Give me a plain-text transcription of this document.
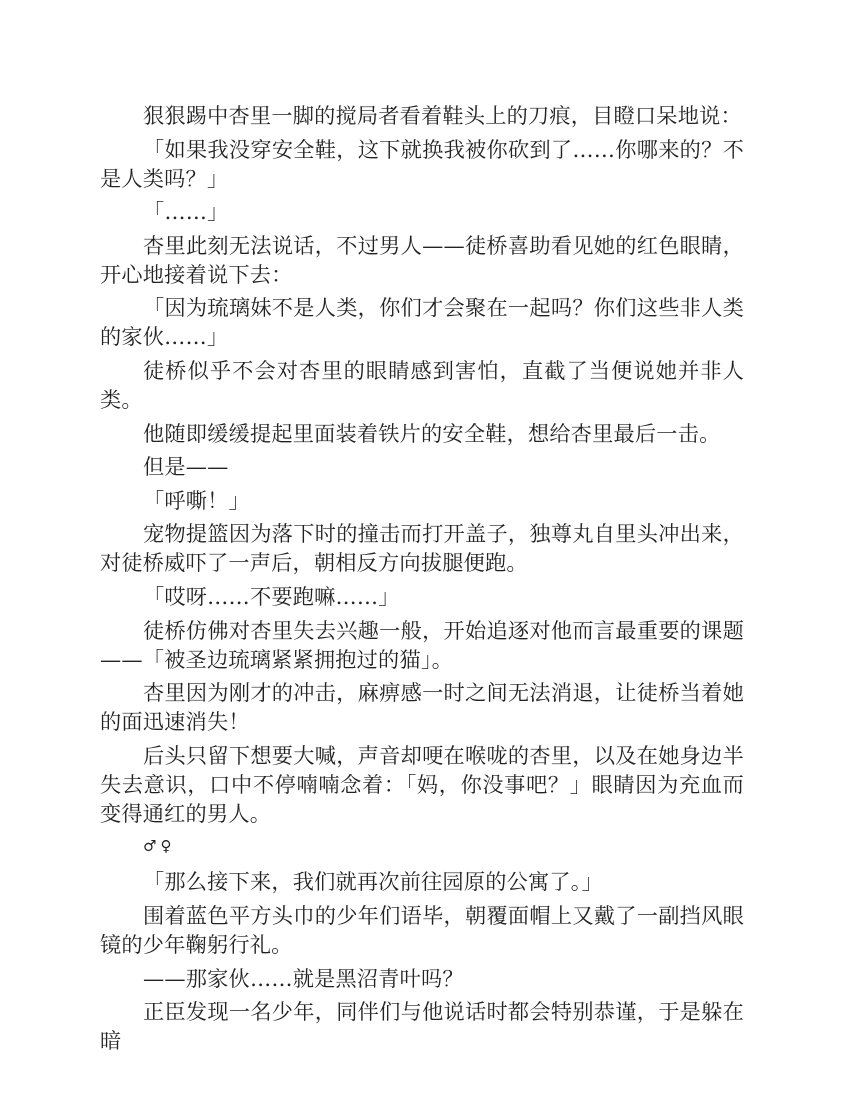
狠狠踢中杏里一脚的搅局者看着鞋头上的刀痕，目瞪口呆地说：

「如果我没穿安全鞋，这下就换我被你砍到了……你哪来的？不是人类吗？」

「……」

杏里此刻无法说话，不过男人——徒桥喜助看见她的红色眼睛，开心地接着说下去：

「因为琉璃妹不是人类，你们才会聚在一起吗？你们这些非人类的家伙……」

徒桥似乎不会对杏里的眼睛感到害怕，直截了当便说她并非人类。

他随即缓缓提起里面装着铁片的安全鞋，想给杏里最后一击。

但是——

「呼嘶！」

宠物提篮因为落下时的撞击而打开盖子，独尊丸自里头冲出来，对徒桥威吓了一声后，朝相反方向拔腿便跑。

「哎呀……不要跑嘛……」

徒桥仿佛对杏里失去兴趣一般，开始追逐对他而言最重要的课题——「被圣边琉璃紧紧拥抱过的猫」。

杏里因为刚才的冲击，麻痹感一时之间无法消退，让徒桥当着她的面迅速消失！

后头只留下想要大喊，声音却哽在喉咙的杏里，以及在她身边半失去意识，口中不停喃喃念着：「妈，你没事吧？」眼睛因为充血而变得通红的男人。

♂♀

「那么接下来，我们就再次前往园原的公寓了。」

围着蓝色平方头巾的少年们语毕，朝覆面帽上又戴了一副挡风眼镜的少年鞠躬行礼。

——那家伙……就是黑沼青叶吗？

正臣发现一名少年，同伴们与他说话时都会特别恭谨，于是躲在暗
